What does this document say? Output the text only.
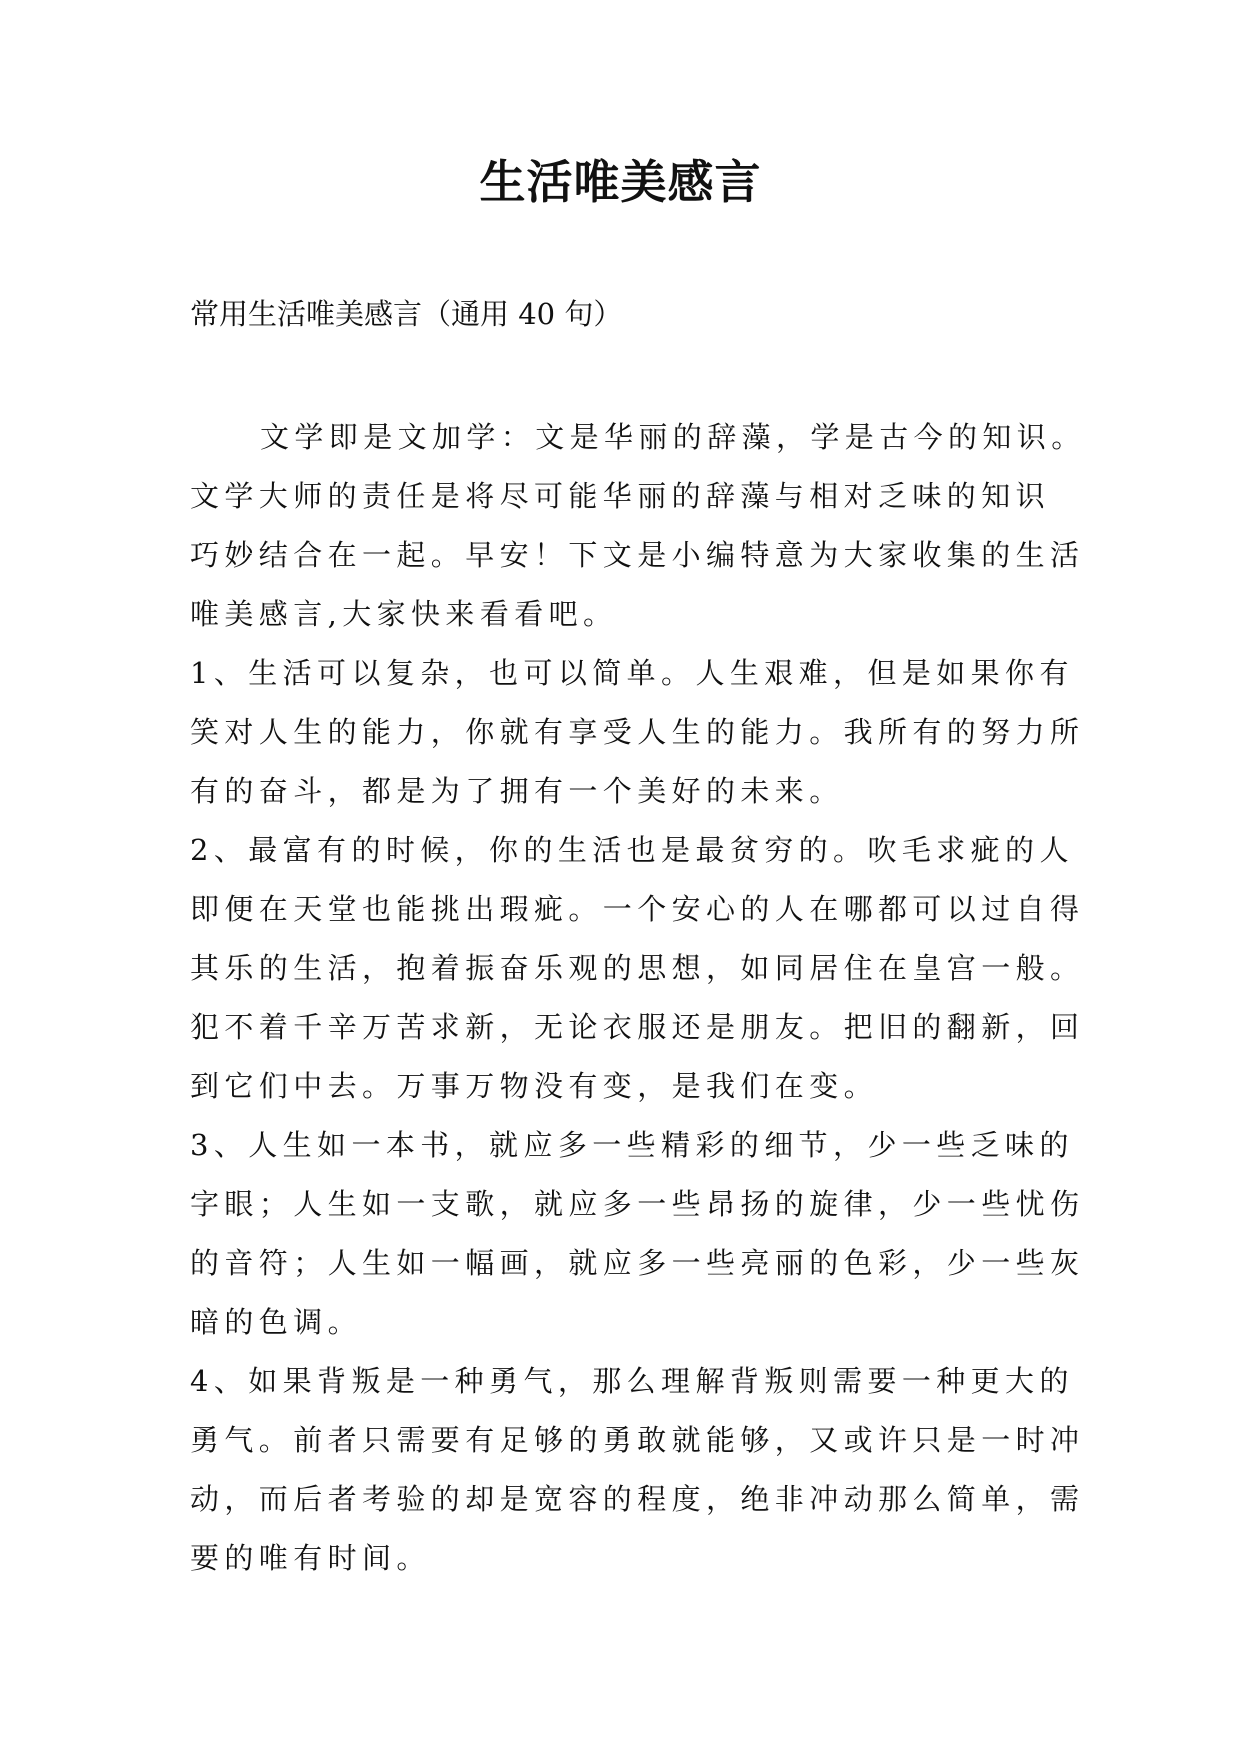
生活唯美感言

常用生活唯美感言（通用 40 句）

文学即是文加学：文是华丽的辞藻，学是古今的知识。
文学大师的责任是将尽可能华丽的辞藻与相对乏味的知识
巧妙结合在一起。早安！下文是小编特意为大家收集的生活
唯美感言,大家快来看看吧。
1、生活可以复杂，也可以简单。人生艰难，但是如果你有
笑对人生的能力，你就有享受人生的能力。我所有的努力所
有的奋斗，都是为了拥有一个美好的未来。
2、最富有的时候，你的生活也是最贫穷的。吹毛求疵的人
即便在天堂也能挑出瑕疵。一个安心的人在哪都可以过自得
其乐的生活，抱着振奋乐观的思想，如同居住在皇宫一般。
犯不着千辛万苦求新，无论衣服还是朋友。把旧的翻新，回
到它们中去。万事万物没有变，是我们在变。
3、人生如一本书，就应多一些精彩的细节，少一些乏味的
字眼；人生如一支歌，就应多一些昂扬的旋律，少一些忧伤
的音符；人生如一幅画，就应多一些亮丽的色彩，少一些灰
暗的色调。
4、如果背叛是一种勇气，那么理解背叛则需要一种更大的
勇气。前者只需要有足够的勇敢就能够，又或许只是一时冲
动，而后者考验的却是宽容的程度，绝非冲动那么简单，需
要的唯有时间。
